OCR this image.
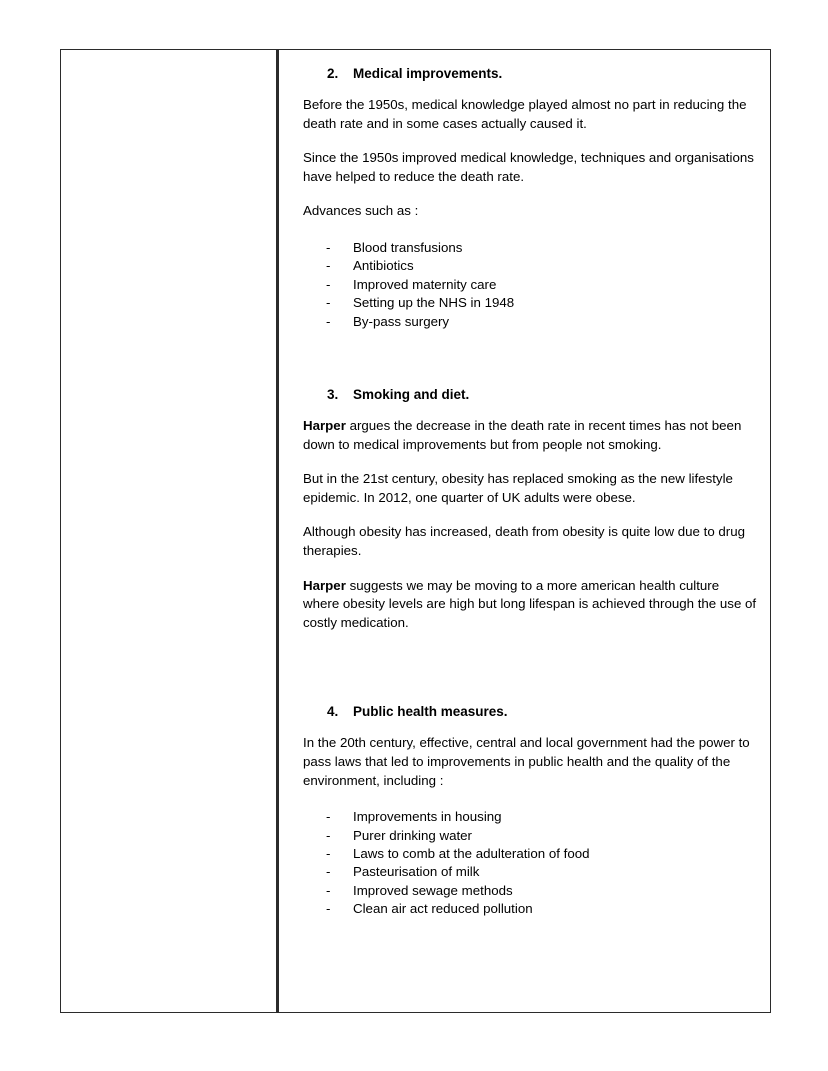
2.	Medical improvements.

Before the 1950s, medical knowledge played almost no part in reducing the death rate and in some cases actually caused it.

Since the 1950s improved medical knowledge, techniques and organisations have helped to reduce the death rate.

Advances such as :

-	Blood transfusions
-	Antibiotics
-	Improved maternity care
-	Setting up the NHS in 1948
-	By-pass surgery
3.	Smoking and diet.

Harper argues the decrease in the death rate in recent times has not been down to medical improvements but from people not smoking.

But in the 21st century, obesity has replaced smoking as the new lifestyle epidemic. In 2012, one quarter of UK adults were obese.

Although obesity has increased, death from obesity is quite low due to drug therapies.

Harper suggests we may be moving to a more american health culture where obesity levels are high but long lifespan is achieved through the use of costly medication.

4.	Public health measures.

In the 20th century, effective, central and local government had the power to pass laws that led to improvements in public health and the quality of the environment, including :

-	Improvements in housing
-	Purer drinking water
-	Laws to comb at the adulteration of food
-	Pasteurisation of milk
-	Improved sewage methods
-	Clean air act reduced pollution
